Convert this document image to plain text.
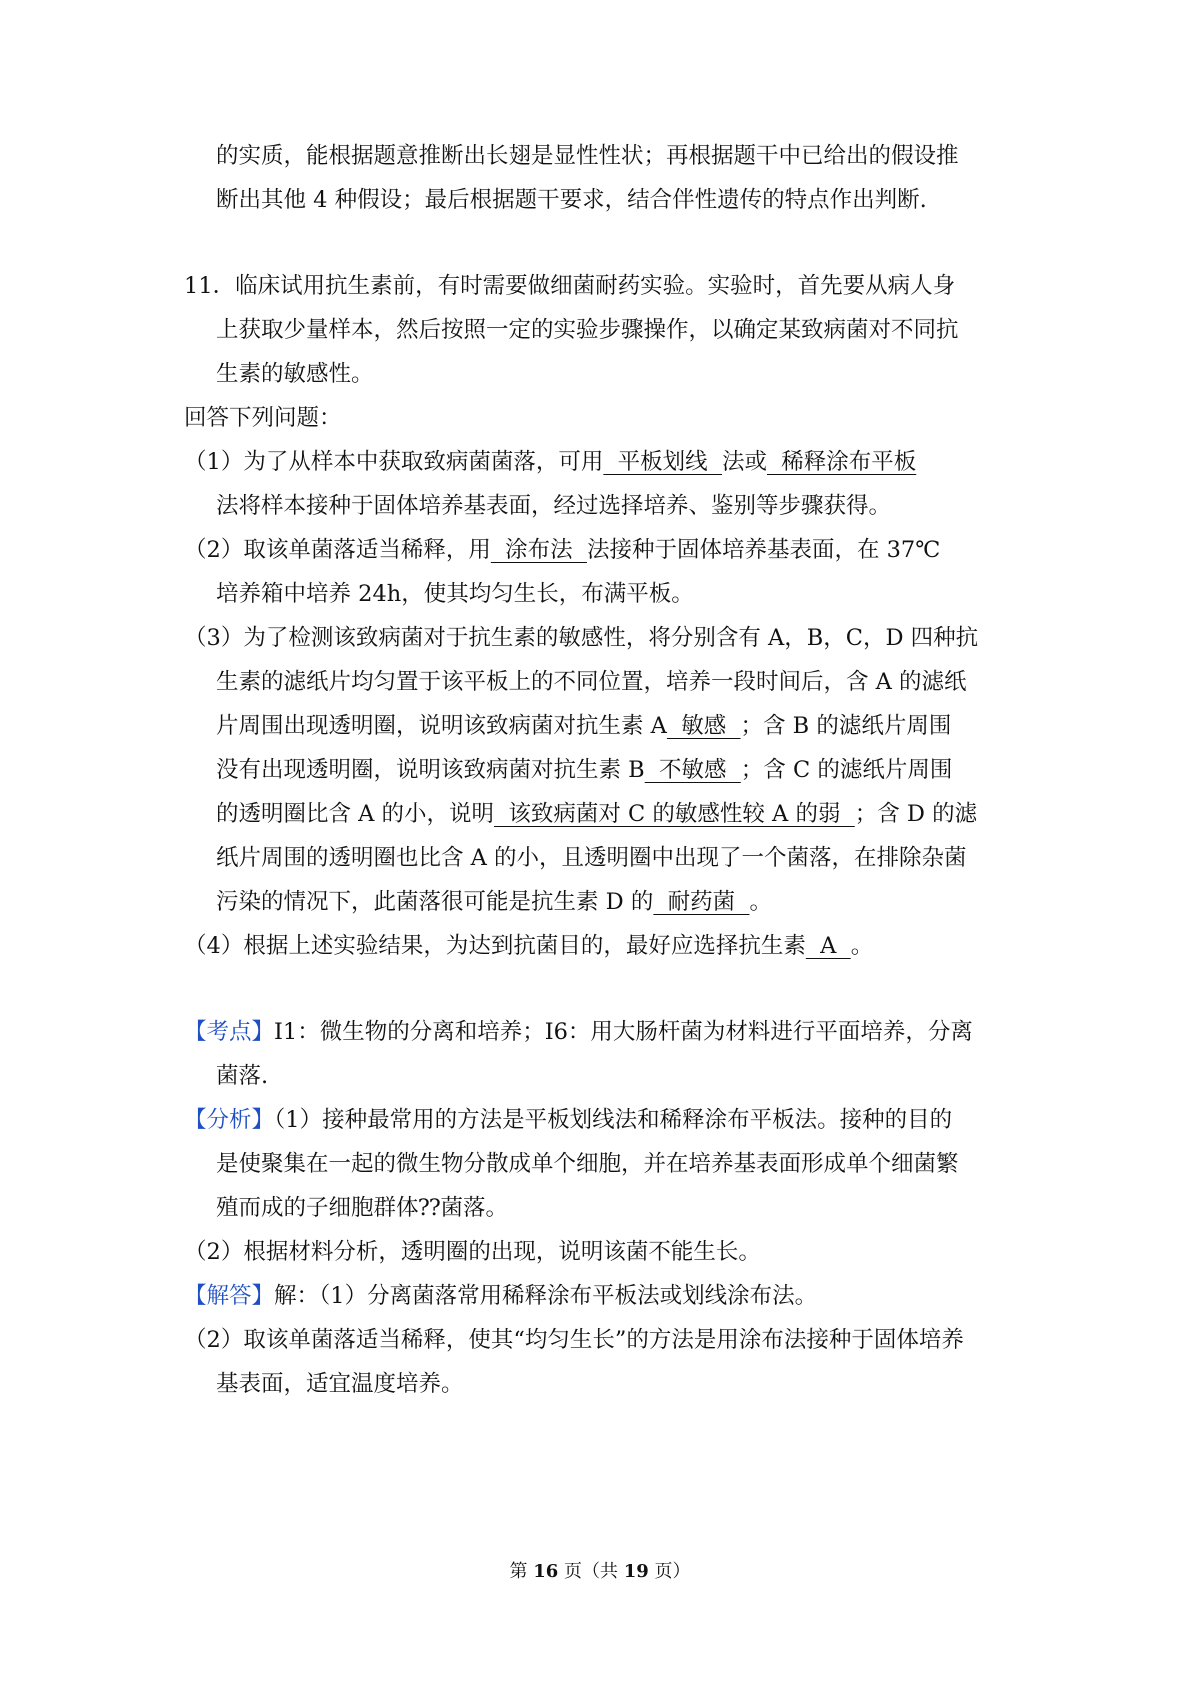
的实质，能根据题意推断出长翅是显性性状；再根据题干中已给出的假设推
断出其他 4 种假设；最后根据题干要求，结合伴性遗传的特点作出判断.
11．临床试用抗生素前，有时需要做细菌耐药实验。实验时，首先要从病人身
上获取少量样本，然后按照一定的实验步骤操作，以确定某致病菌对不同抗
生素的敏感性。
回答下列问题：
（1）为了从样本中获取致病菌菌落，可用  平板划线  法或  稀释涂布平板
法将样本接种于固体培养基表面，经过选择培养、鉴别等步骤获得。
（2）取该单菌落适当稀释，用  涂布法  法接种于固体培养基表面，在 37℃
培养箱中培养 24h，使其均匀生长，布满平板。
（3）为了检测该致病菌对于抗生素的敏感性，将分别含有 A，B，C，D 四种抗
生素的滤纸片均匀置于该平板上的不同位置，培养一段时间后，含 A 的滤纸
片周围出现透明圈，说明该致病菌对抗生素 A  敏感  ；含 B 的滤纸片周围
没有出现透明圈，说明该致病菌对抗生素 B  不敏感  ；含 C 的滤纸片周围
的透明圈比含 A 的小，说明  该致病菌对 C 的敏感性较 A 的弱  ；含 D 的滤
纸片周围的透明圈也比含 A 的小，且透明圈中出现了一个菌落，在排除杂菌
污染的情况下，此菌落很可能是抗生素 D 的  耐药菌  。
（4）根据上述实验结果，为达到抗菌目的，最好应选择抗生素  A  。
【考点】I1：微生物的分离和培养；I6：用大肠杆菌为材料进行平面培养，分离
菌落.
【分析】（1）接种最常用的方法是平板划线法和稀释涂布平板法。接种的目的
是使聚集在一起的微生物分散成单个细胞，并在培养基表面形成单个细菌繁
殖而成的子细胞群体⁇菌落。
（2）根据材料分析，透明圈的出现，说明该菌不能生长。
【解答】解：（1）分离菌落常用稀释涂布平板法或划线涂布法。
（2）取该单菌落适当稀释，使其“均匀生长”的方法是用涂布法接种于固体培养
基表面，适宜温度培养。
第 16 页（共 19 页）
